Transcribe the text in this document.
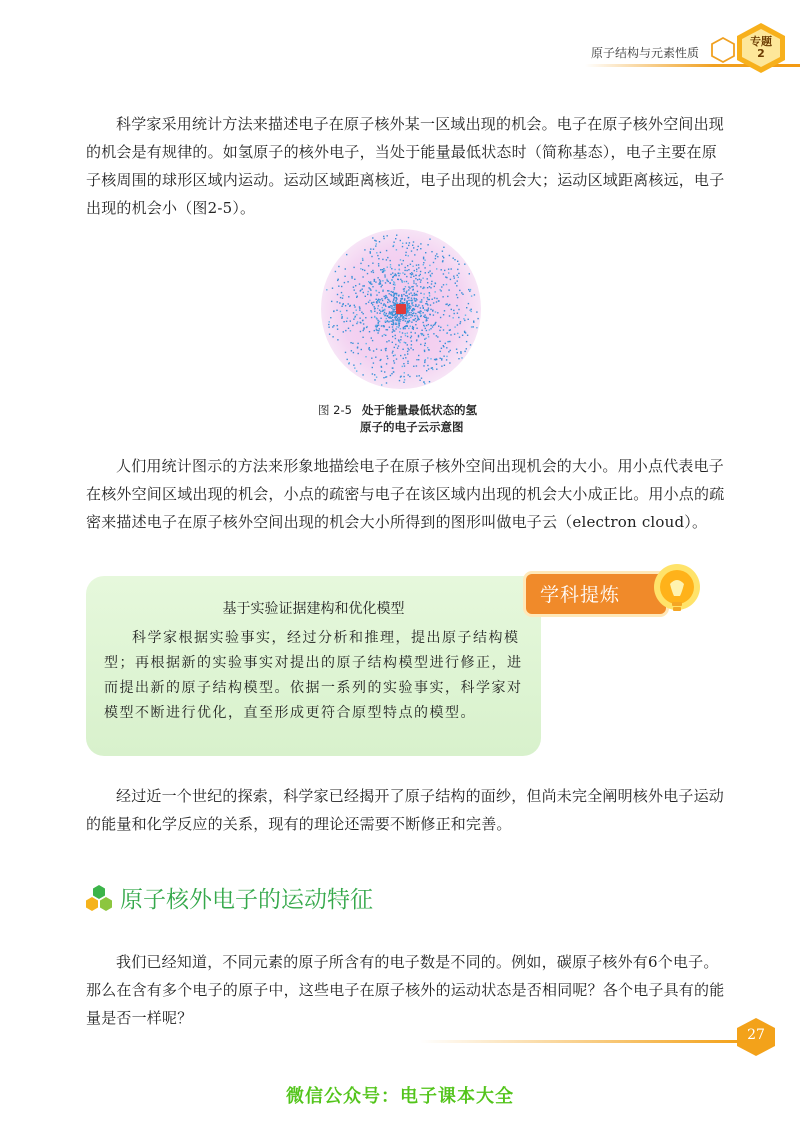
原子结构与元素性质
专题
2

科学家采用统计方法来描述电子在原子核外某一区域出现的机会。电子在原子核外空间出现的机会是有规律的。如氢原子的核外电子，当处于能量最低状态时（简称基态），电子主要在原子核周围的球形区域内运动。运动区域距离核近，电子出现的机会大；运动区域距离核远，电子出现的机会小（图2-5）。

图 2-5 处于能量最低状态的氢
原子的电子云示意图

人们用统计图示的方法来形象地描绘电子在原子核外空间出现机会的大小。用小点代表电子在核外空间区域出现的机会，小点的疏密与电子在该区域内出现的机会大小成正比。用小点的疏密来描述电子在原子核外空间出现的机会大小所得到的图形叫做电子云（electron cloud）。

基于实验证据建构和优化模型

科学家根据实验事实，经过分析和推理，提出原子结构模型；再根据新的实验事实对提出的原子结构模型进行修正，进而提出新的原子结构模型。依据一系列的实验事实，科学家对模型不断进行优化，直至形成更符合原型特点的模型。

学科提炼

经过近一个世纪的探索，科学家已经揭开了原子结构的面纱，但尚未完全阐明核外电子运动的能量和化学反应的关系，现有的理论还需要不断修正和完善。

原子核外电子的运动特征

我们已经知道，不同元素的原子所含有的电子数是不同的。例如，碳原子核外有6个电子。那么在含有多个电子的原子中，这些电子在原子核外的运动状态是否相同呢？各个电子具有的能量是否一样呢？

27
微信公众号：电子课本大全
